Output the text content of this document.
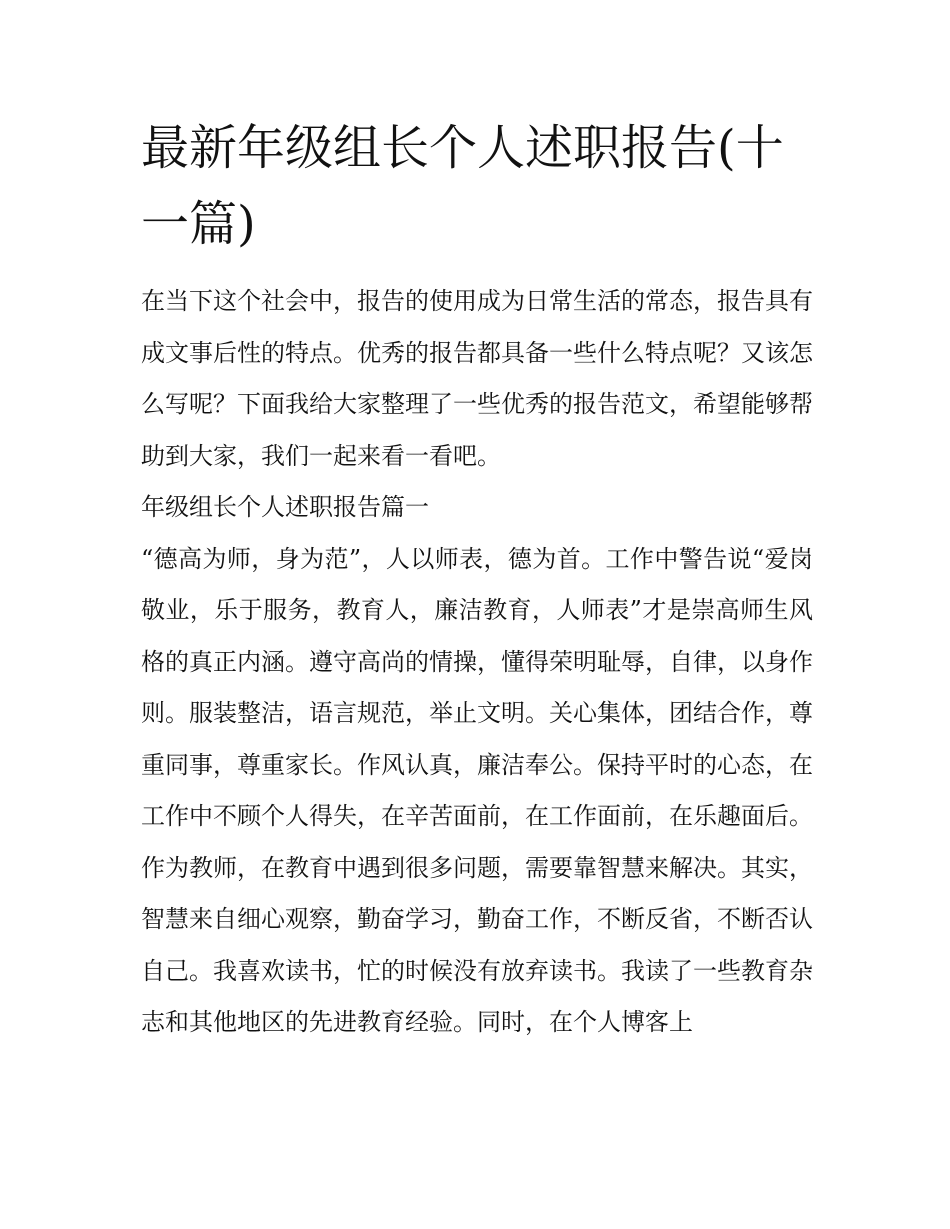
最新年级组长个人述职报告(十一篇)

在当下这个社会中，报告的使用成为日常生活的常态，报告具有成文事后性的特点。优秀的报告都具备一些什么特点呢？又该怎么写呢？下面我给大家整理了一些优秀的报告范文，希望能够帮助到大家，我们一起来看一看吧。

年级组长个人述职报告篇一

“德高为师，身为范”，人以师表，德为首。工作中警告说“爱岗敬业，乐于服务，教育人，廉洁教育，人师表”才是崇高师生风格的真正内涵。遵守高尚的情操，懂得荣明耻辱，自律，以身作则。服装整洁，语言规范，举止文明。关心集体，团结合作，尊重同事，尊重家长。作风认真，廉洁奉公。保持平时的心态，在工作中不顾个人得失，在辛苦面前，在工作面前，在乐趣面后。

作为教师，在教育中遇到很多问题，需要靠智慧来解决。其实，智慧来自细心观察，勤奋学习，勤奋工作，不断反省，不断否认自己。我喜欢读书，忙的时候没有放弃读书。我读了一些教育杂志和其他地区的先进教育经验。同时，在个人博客上
